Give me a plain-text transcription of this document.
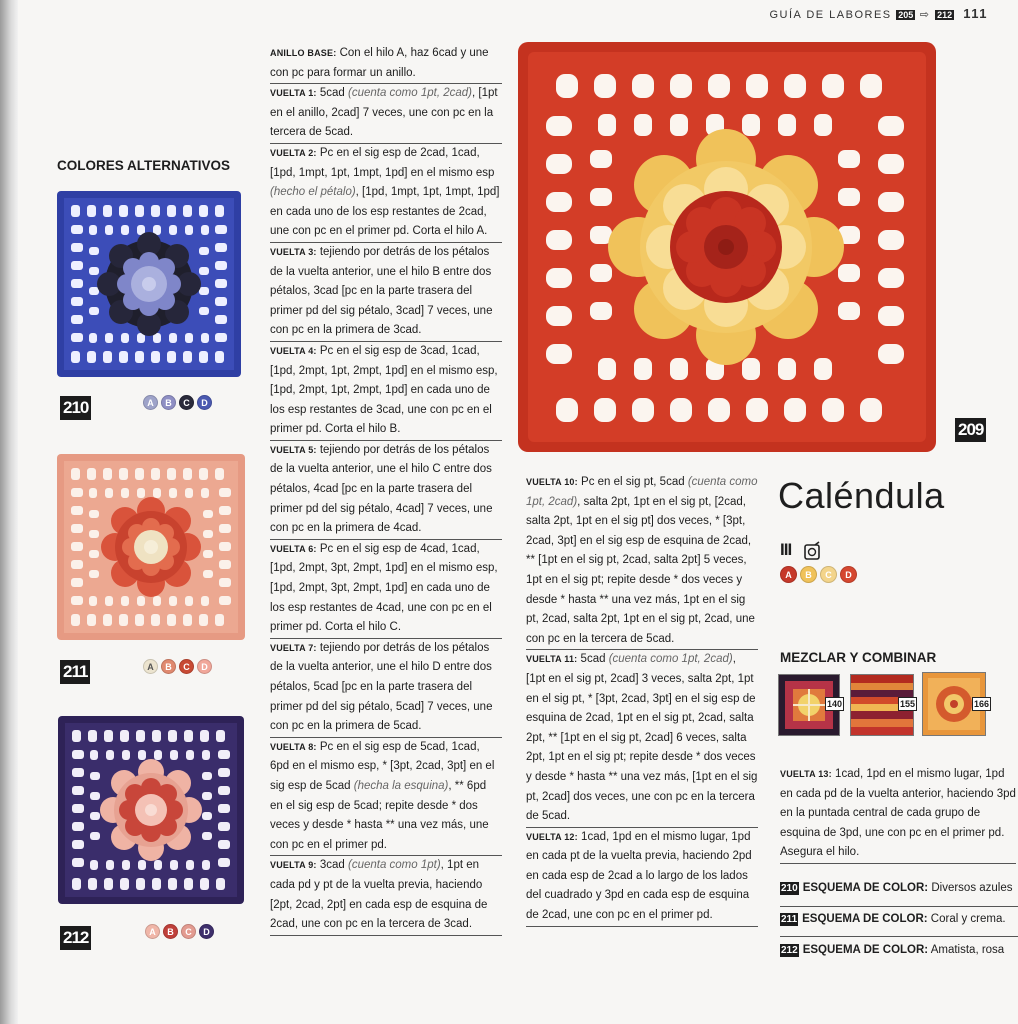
GUÍA DE LABORES 205 ⇨ 212 111
COLORES ALTERNATIVOS
210	A B C D
211	A B C D
212	A B C D
ANILLO BASE: Con el hilo A, haz 6cad y une con pc para formar un anillo.
VUELTA 1: 5cad (cuenta como 1pt, 2cad), [1pt en el anillo, 2cad] 7 veces, une con pc en la tercera de 5cad.
VUELTA 2: Pc en el sig esp de 2cad, 1cad, [1pd, 1mpt, 1pt, 1mpt, 1pd] en el mismo esp (hecho el pétalo), [1pd, 1mpt, 1pt, 1mpt, 1pd] en cada uno de los esp restantes de 2cad, une con pc en el primer pd. Corta el hilo A.
VUELTA 3: tejiendo por detrás de los pétalos de la vuelta anterior, une el hilo B entre dos pétalos, 3cad [pc en la parte trasera del primer pd del sig pétalo, 3cad] 7 veces, une con pc en la primera de 3cad.
VUELTA 4: Pc en el sig esp de 3cad, 1cad, [1pd, 2mpt, 1pt, 2mpt, 1pd] en el mismo esp, [1pd, 2mpt, 1pt, 2mpt, 1pd] en cada uno de los esp restantes de 3cad, une con pc en el primer pd. Corta el hilo B.
VUELTA 5: tejiendo por detrás de los pétalos de la vuelta anterior, une el hilo C entre dos pétalos, 4cad [pc en la parte trasera del primer pd del sig pétalo, 4cad] 7 veces, une con pc en la primera de 4cad.
VUELTA 6: Pc en el sig esp de 4cad, 1cad, [1pd, 2mpt, 3pt, 2mpt, 1pd] en el mismo esp, [1pd, 2mpt, 3pt, 2mpt, 1pd] en cada uno de los esp restantes de 4cad, une con pc en el primer pd. Corta el hilo C.
VUELTA 7: tejiendo por detrás de los pétalos de la vuelta anterior, une el hilo D entre dos pétalos, 5cad [pc en la parte trasera del primer pd del sig pétalo, 5cad] 7 veces, une con pc en la primera de 5cad.
VUELTA 8: Pc en el sig esp de 5cad, 1cad, 6pd en el mismo esp, * [3pt, 2cad, 3pt] en el sig esp de 5cad (hecha la esquina), ** 6pd en el sig esp de 5cad; repite desde * dos veces y desde * hasta ** una vez más, une con pc en el primer pd.
VUELTA 9: 3cad (cuenta como 1pt), 1pt en cada pd y pt de la vuelta previa, haciendo [2pt, 2cad, 2pt] en cada esp de esquina de 2cad, une con pc en la tercera de 3cad.
209
VUELTA 10: Pc en el sig pt, 5cad (cuenta como 1pt, 2cad), salta 2pt, 1pt en el sig pt, [2cad, salta 2pt, 1pt en el sig pt] dos veces, * [3pt, 2cad, 3pt] en el sig esp de esquina de 2cad, ** [1pt en el sig pt, 2cad, salta 2pt] 5 veces, 1pt en el sig pt; repite desde * dos veces y desde * hasta ** una vez más, 1pt en el sig pt, 2cad, salta 2pt, 1pt en el sig pt, 2cad, une con pc en la tercera de 5cad.
VUELTA 11: 5cad (cuenta como 1pt, 2cad), [1pt en el sig pt, 2cad] 3 veces, salta 2pt, 1pt en el sig pt, * [3pt, 2cad, 3pt] en el sig esp de esquina de 2cad, 1pt en el sig pt, 2cad, salta 2pt, ** [1pt en el sig pt, 2cad] 6 veces, salta 2pt, 1pt en el sig pt; repite desde * dos veces y desde * hasta ** una vez más, [1pt en el sig pt, 2cad] dos veces, une con pc en la tercera de 5cad.
VUELTA 12: 1cad, 1pd en el mismo lugar, 1pd en cada pt de la vuelta previa, haciendo 2pd en cada esp de 2cad a lo largo de los lados del cuadrado y 3pd en cada esp de esquina de 2cad, une con pc en el primer pd.
Caléndula
III
A B C D
MEZCLAR Y COMBINAR
140	155	166
VUELTA 13: 1cad, 1pd en el mismo lugar, 1pd en cada pd de la vuelta anterior, haciendo 3pd en la puntada central de cada grupo de esquina de 3pd, une con pc en el primer pd. Asegura el hilo.
210 ESQUEMA DE COLOR: Diversos azules
211 ESQUEMA DE COLOR: Coral y crema.
212 ESQUEMA DE COLOR: Amatista, rosa
